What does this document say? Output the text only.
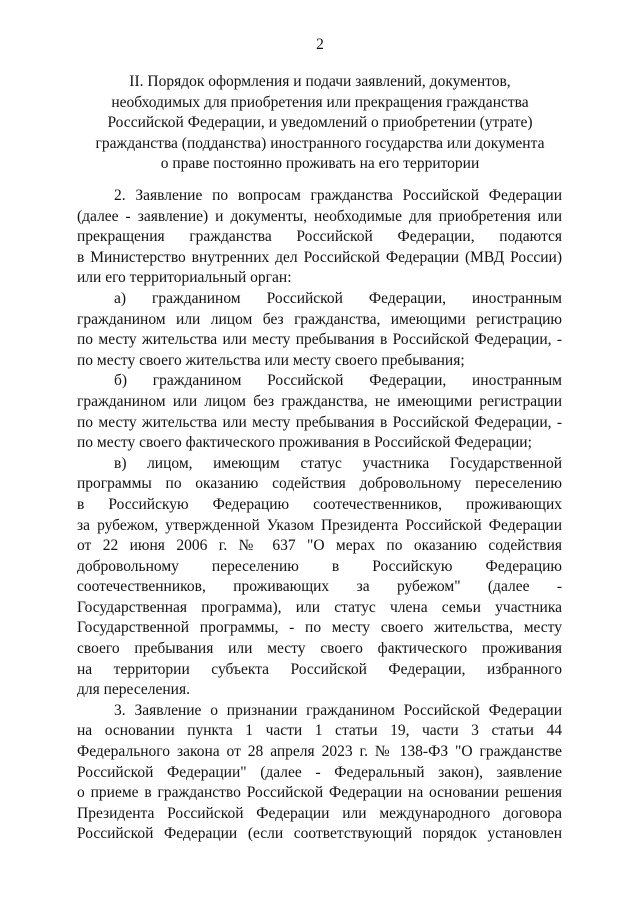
2
II. Порядок оформления и подачи заявлений, документов,
необходимых для приобретения или прекращения гражданства
Российской Федерации, и уведомлений о приобретении (утрате)
гражданства (подданства) иностранного государства или документа
о праве постоянно проживать на его территории
2. Заявление по вопросам гражданства Российской Федерации
(далее - заявление) и документы, необходимые для приобретения или
прекращения гражданства Российской Федерации, подаются
в Министерство внутренних дел Российской Федерации (МВД России)
или его территориальный орган:
а) гражданином Российской Федерации, иностранным
гражданином или лицом без гражданства, имеющими регистрацию
по месту жительства или месту пребывания в Российской Федерации, -
по месту своего жительства или месту своего пребывания;
б) гражданином Российской Федерации, иностранным
гражданином или лицом без гражданства, не имеющими регистрации
по месту жительства или месту пребывания в Российской Федерации, -
по месту своего фактического проживания в Российской Федерации;
в) лицом, имеющим статус участника Государственной
программы по оказанию содействия добровольному переселению
в Российскую Федерацию соотечественников, проживающих
за рубежом, утвержденной Указом Президента Российской Федерации
от 22 июня 2006 г. № 637 "О мерах по оказанию содействия
добровольному переселению в Российскую Федерацию
соотечественников, проживающих за рубежом" (далее -
Государственная программа), или статус члена семьи участника
Государственной программы, - по месту своего жительства, месту
своего пребывания или месту своего фактического проживания
на территории субъекта Российской Федерации, избранного
для переселения.
3. Заявление о признании гражданином Российской Федерации
на основании пункта 1 части 1 статьи 19, части 3 статьи 44
Федерального закона от 28 апреля 2023 г. № 138-ФЗ "О гражданстве
Российской Федерации" (далее - Федеральный закон), заявление
о приеме в гражданство Российской Федерации на основании решения
Президента Российской Федерации или международного договора
Российской Федерации (если соответствующий порядок установлен
